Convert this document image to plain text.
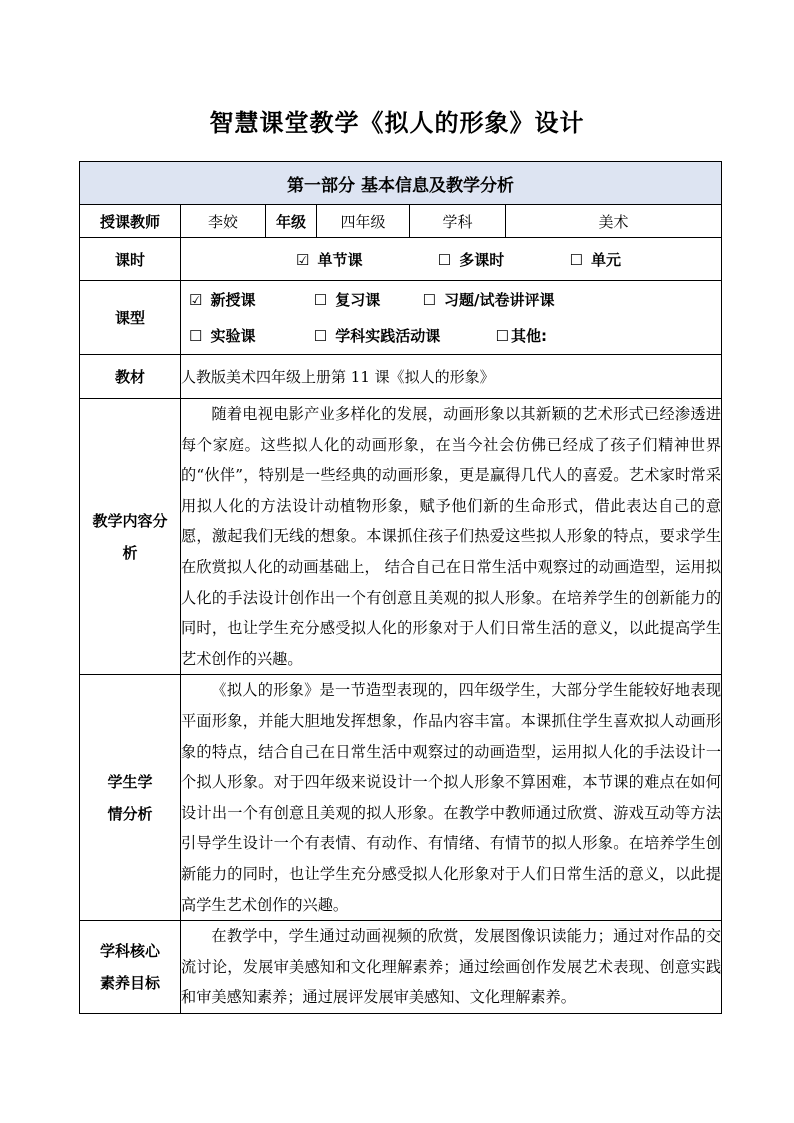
智慧课堂教学《拟人的形象》设计
第一部分 基本信息及教学分析					
授课教师	李姣	年级	四年级	学科	美术
课时	☑ 单节课 ☐ 多课时 ☐ 单元				
课型	☑ 新授课 ☐ 复习课 ☐ 习题/试卷讲评课
☐ 实验课 ☐ 学科实践活动课 ☐ 其他:				

教材	人教版美术四年级上册第 11 课《拟人的形象》				

教学内容分
析	随着电视电影产业多样化的发展，动画形象以其新颖的艺术形式已经渗透进每个家庭。这些拟人化的动画形象，在当今社会仿佛已经成了孩子们精神世界的“伙伴”，特别是一些经典的动画形象，更是赢得几代人的喜爱。艺术家时常采用拟人化的方法设计动植物形象，赋予他们新的生命形式，借此表达自己的意愿，激起我们无线的想象。本课抓住孩子们热爱这些拟人形象的特点，要求学生在欣赏拟人化的动画基础上， 结合自己在日常生活中观察过的动画造型，运用拟人化的手法设计创作出一个有创意且美观的拟人形象。在培养学生的创新能力的同时，也让学生充分感受拟人化的形象对于人们日常生活的意义，以此提高学生艺术创作的兴趣。				

学生学
情分析	《拟人的形象》是一节造型表现的，四年级学生，大部分学生能较好地表现平面形象，并能大胆地发挥想象，作品内容丰富。本课抓住学生喜欢拟人动画形象的特点，结合自己在日常生活中观察过的动画造型，运用拟人化的手法设计一个拟人形象。对于四年级来说设计一个拟人形象不算困难，本节课的难点在如何设计出一个有创意且美观的拟人形象。在教学中教师通过欣赏、游戏互动等方法引导学生设计一个有表情、有动作、有情绪、有情节的拟人形象。在培养学生创新能力的同时，也让学生充分感受拟人化形象对于人们日常生活的意义，以此提高学生艺术创作的兴趣。				

学科核心
素养目标	在教学中，学生通过动画视频的欣赏，发展图像识读能力；通过对作品的交流讨论，发展审美感知和文化理解素养；通过绘画创作发展艺术表现、创意实践和审美感知素养；通过展评发展审美感知、文化理解素养。				
